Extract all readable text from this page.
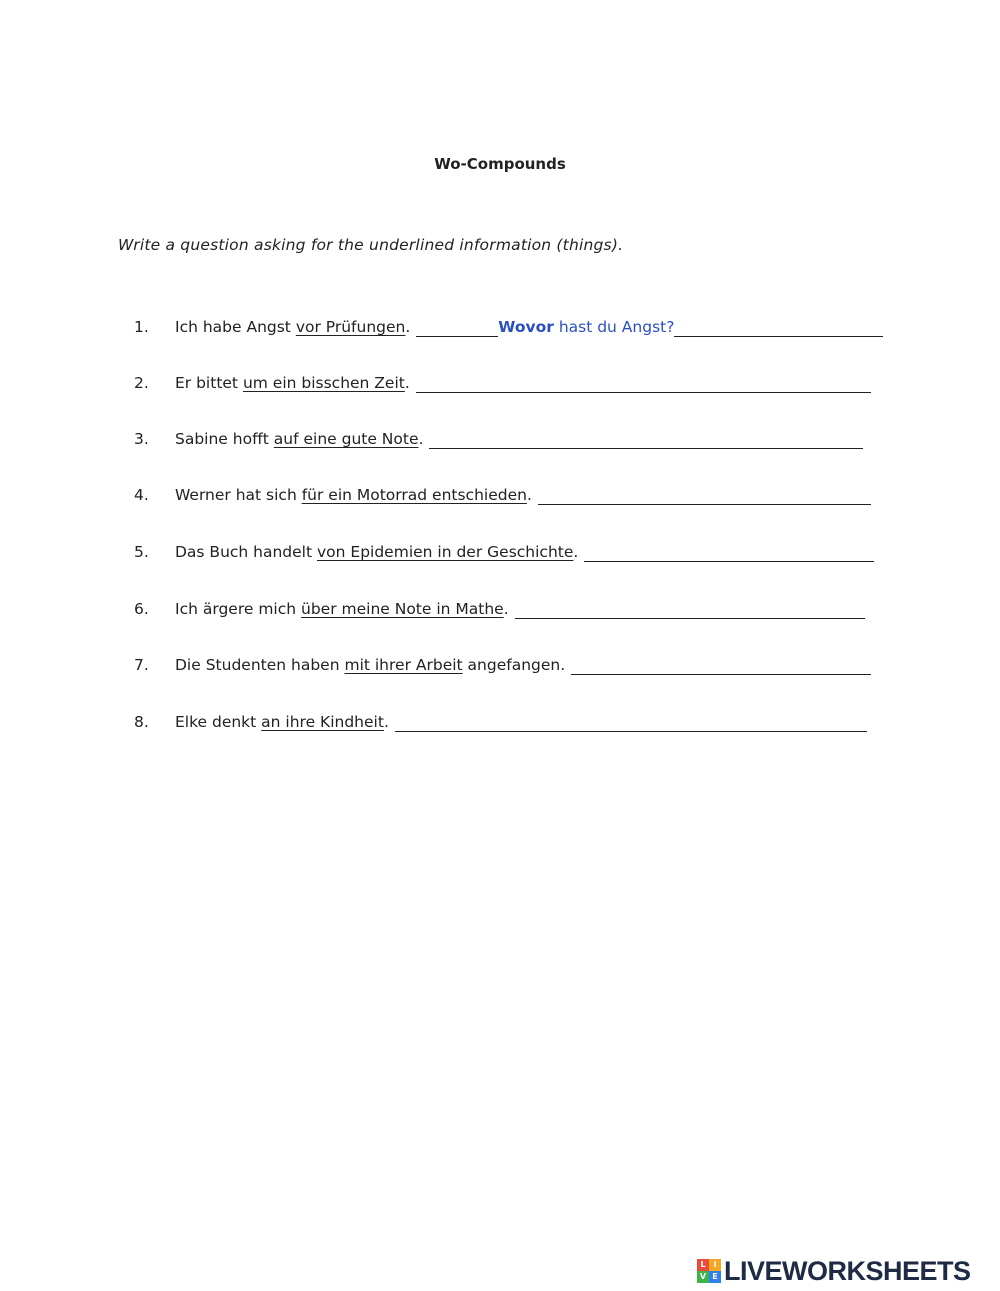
Wo-Compounds
Write a question asking for the underlined information (things).
1. Ich habe Angst vor Prüfungen .	Wovor hast du Angst?
2. Er bittet um ein bisschen Zeit .
3. Sabine hofft auf eine gute Note .
4. Werner hat sich für ein Motorrad entschieden .
5. Das Buch handelt von Epidemien in der Geschichte .
6. Ich ärgere mich über meine Note in Mathe .
7. Die Studenten haben mit ihrer Arbeit angefangen.
8. Elke denkt an ihre Kindheit .
L I
V E LIVEWORKSHEETS
